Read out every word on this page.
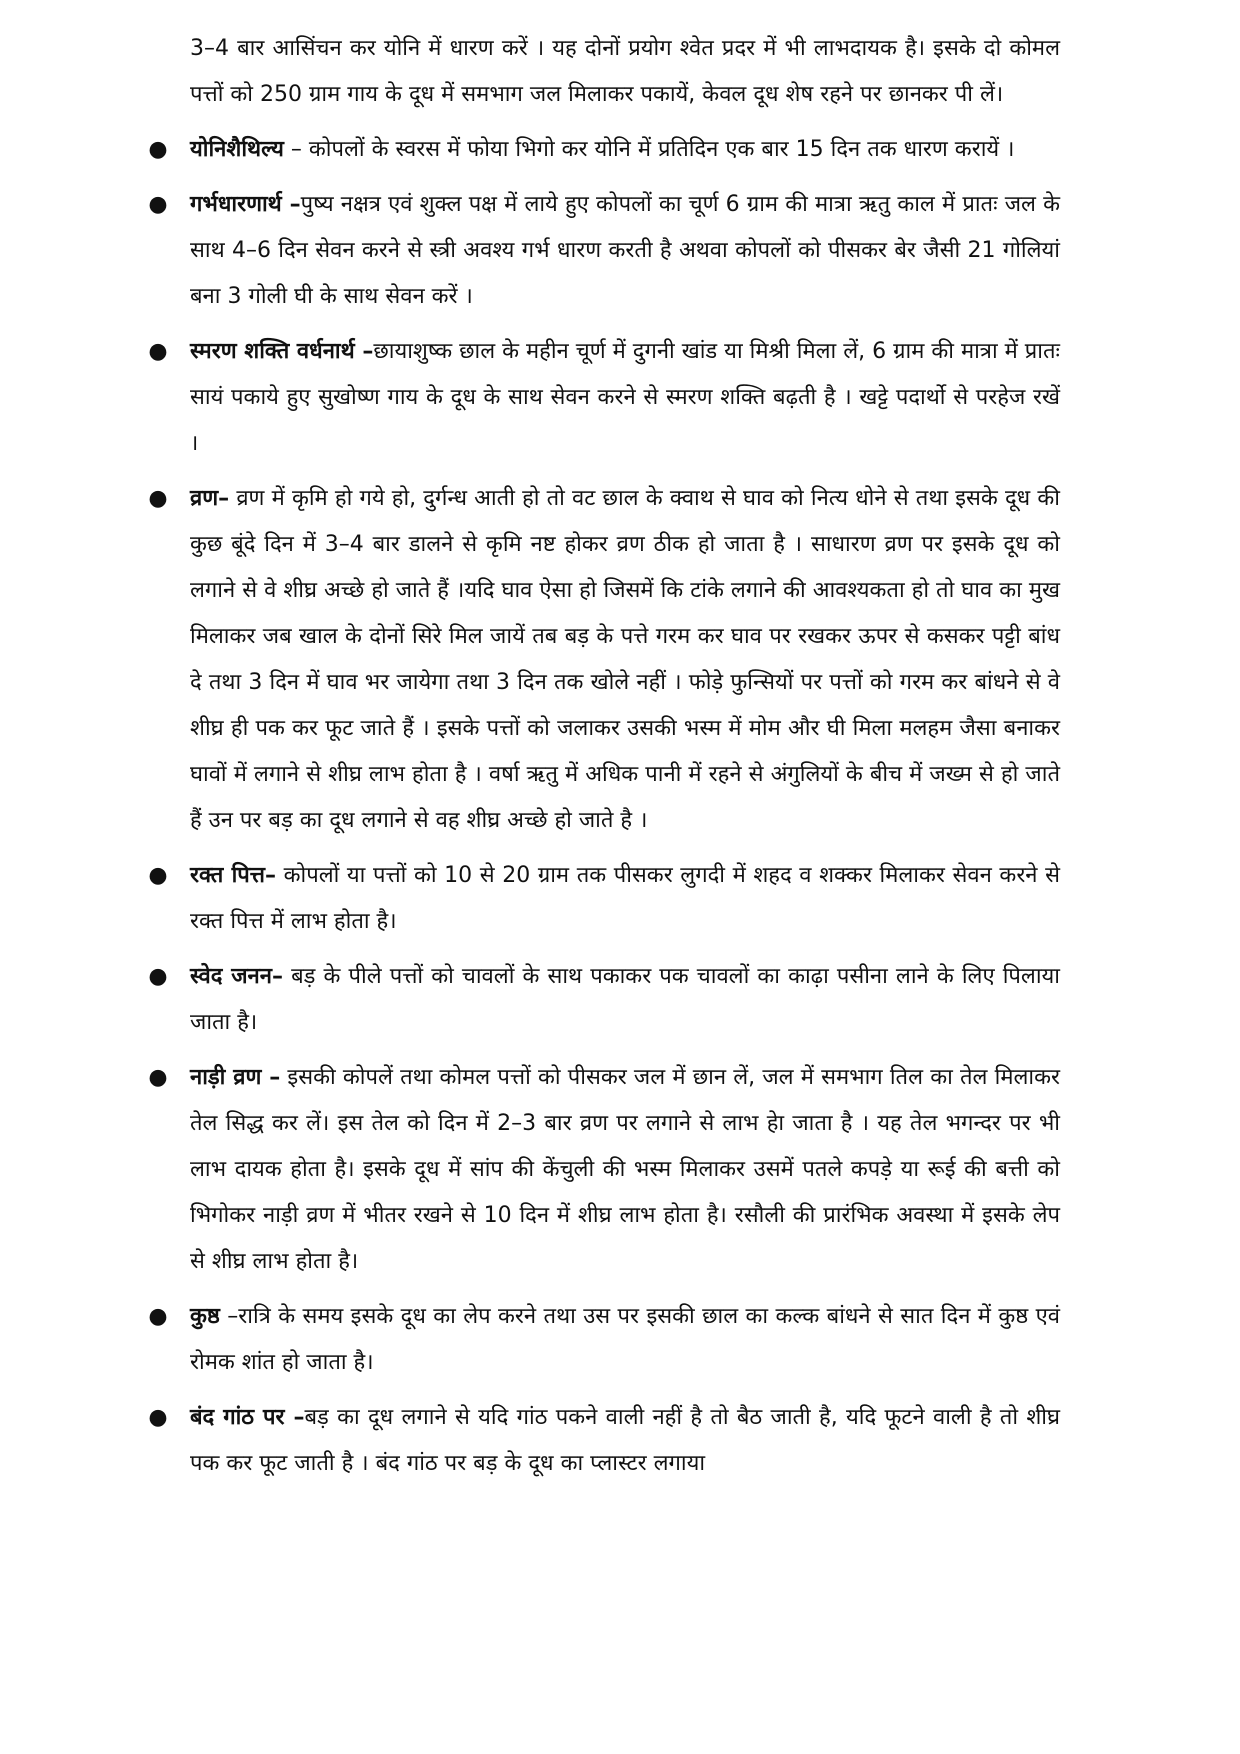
3–4 बार आसिंचन कर योनि में धारण करें । यह दोनों प्रयोग श्वेत प्रदर में भी लाभदायक है। इसके दो कोमल पत्तों को 250 ग्राम गाय के दूध में समभाग जल मिलाकर पकायें, केवल दूध शेष रहने पर छानकर पी लें।

● योनिशैथिल्य – कोपलों के स्वरस में फोया भिगो कर योनि में प्रतिदिन एक बार 15 दिन तक धारण करायें ।
● गर्भधारणार्थ –पुष्य नक्षत्र एवं शुक्ल पक्ष में लाये हुए कोपलों का चूर्ण 6 ग्राम की मात्रा ऋतु काल में प्रातः जल के साथ 4–6 दिन सेवन करने से स्त्री अवश्य गर्भ धारण करती है अथवा कोपलों को पीसकर बेर जैसी 21 गोलियां बना 3 गोली घी के साथ सेवन करें ।
● स्मरण शक्ति वर्धनार्थ –छायाशुष्क छाल के महीन चूर्ण में दुगनी खांड या मिश्री मिला लें, 6 ग्राम की मात्रा में प्रातः सायं पकाये हुए सुखोष्ण गाय के दूध के साथ सेवन करने से स्मरण शक्ति बढ़ती है । खट्टे पदार्थो से परहेज रखें ।
● व्रण– व्रण में कृमि हो गये हो, दुर्गन्ध आती हो तो वट छाल के क्वाथ से घाव को नित्य धोने से तथा इसके दूध की कुछ बूंदे दिन में 3–4 बार डालने से कृमि नष्ट होकर व्रण ठीक हो जाता है । साधारण व्रण पर इसके दूध को लगाने से वे शीघ्र अच्छे हो जाते हैं ।यदि घाव ऐसा हो जिसमें कि टांके लगाने की आवश्यकता हो तो घाव का मुख मिलाकर जब खाल के दोनों सिरे मिल जायें तब बड़ के पत्ते गरम कर घाव पर रखकर ऊपर से कसकर पट्टी बांध दे तथा 3 दिन में घाव भर जायेगा तथा 3 दिन तक खोले नहीं । फोड़े फुन्सियों पर पत्तों को गरम कर बांधने से वे शीघ्र ही पक कर फूट जाते हैं । इसके पत्तों को जलाकर उसकी भस्म में मोम और घी मिला मलहम जैसा बनाकर घावों में लगाने से शीघ्र लाभ होता है । वर्षा ऋतु में अधिक पानी में रहने से अंगुलियों के बीच में जख्म से हो जाते हैं उन पर बड़ का दूध लगाने से वह शीघ्र अच्छे हो जाते है ।
● रक्त पित्त– कोपलों या पत्तों को 10 से 20 ग्राम तक पीसकर लुगदी में शहद व शक्कर मिलाकर सेवन करने से रक्त पित्त में लाभ होता है।
● स्वेद जनन– बड़ के पीले पत्तों को चावलों के साथ पकाकर पक चावलों का काढ़ा पसीना लाने के लिए पिलाया जाता है।
● नाड़ी व्रण – इसकी कोपलें तथा कोमल पत्तों को पीसकर जल में छान लें, जल में समभाग तिल का तेल मिलाकर तेल सिद्ध कर लें। इस तेल को दिन में 2–3 बार व्रण पर लगाने से लाभ हेा जाता है । यह तेल भगन्दर पर भी लाभ दायक होता है। इसके दूध में सांप की केंचुली की भस्म मिलाकर उसमें पतले कपड़े या रूई की बत्ती को भिगोकर नाड़ी व्रण में भीतर रखने से 10 दिन में शीघ्र लाभ होता है। रसौली की प्रारंभिक अवस्था में इसके लेप से शीघ्र लाभ होता है।
● कुष्ठ –रात्रि के समय इसके दूध का लेप करने तथा उस पर इसकी छाल का कल्क बांधने से सात दिन में कुष्ठ एवं रोमक शांत हो जाता है।
● बंद गांठ पर –बड़ का दूध लगाने से यदि गांठ पकने वाली नहीं है तो बैठ जाती है, यदि फूटने वाली है तो शीघ्र पक कर फूट जाती है । बंद गांठ पर बड़ के दूध का प्लास्टर लगाया
